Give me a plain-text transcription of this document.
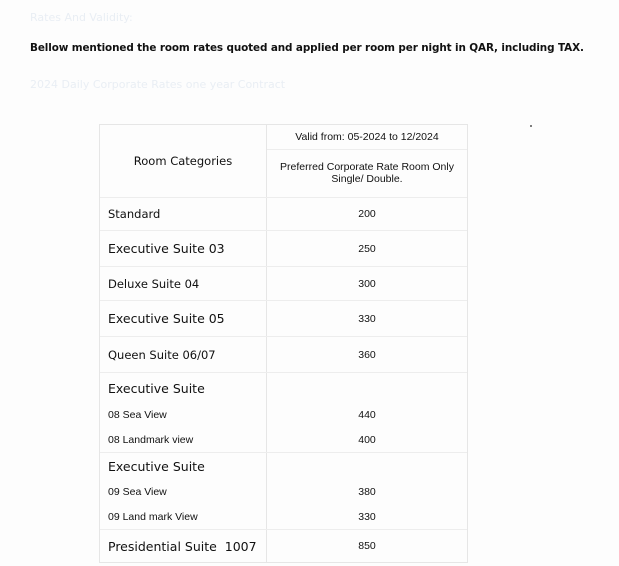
Rates And Validity:
Bellow mentioned the room rates quoted and applied per room per night in QAR, including TAX.
2024 Daily Corporate Rates one year Contract
Room Categories
Valid from: 05-2024 to 12/2024
Preferred Corporate Rate Room Only
Single/ Double.
Standard	200
Executive Suite 03	250
Deluxe Suite 04	300
Executive Suite 05	330
Queen Suite 06/07	360
Executive Suite
08 Sea View	440
08 Landmark view	400
Executive Suite
09 Sea View	380
09 Land mark View	330
Presidential Suite  1007	850
